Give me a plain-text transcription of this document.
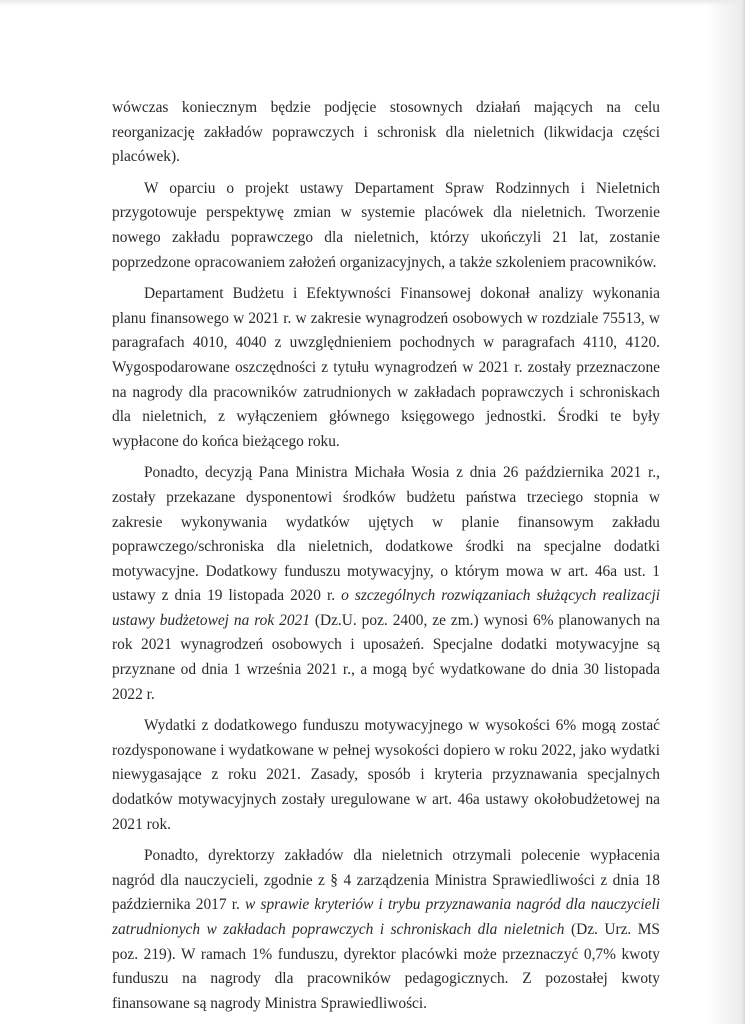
wówczas koniecznym będzie podjęcie stosownych działań mających na celu reorganizację zakładów poprawczych i schronisk dla nieletnich (likwidacja części placówek).

W oparciu o projekt ustawy Departament Spraw Rodzinnych i Nieletnich przygotowuje perspektywę zmian w systemie placówek dla nieletnich. Tworzenie nowego zakładu poprawczego dla nieletnich, którzy ukończyli 21 lat, zostanie poprzedzone opracowaniem założeń organizacyjnych, a także szkoleniem pracowników.

Departament Budżetu i Efektywności Finansowej dokonał analizy wykonania planu finansowego w 2021 r. w zakresie wynagrodzeń osobowych w rozdziale 75513, w paragrafach 4010, 4040 z uwzględnieniem pochodnych w paragrafach 4110, 4120. Wygospodarowane oszczędności z tytułu wynagrodzeń w 2021 r. zostały przeznaczone na nagrody dla pracowników zatrudnionych w zakładach poprawczych i schroniskach dla nieletnich, z wyłączeniem głównego księgowego jednostki. Środki te były wypłacone do końca bieżącego roku.

Ponadto, decyzją Pana Ministra Michała Wosia z dnia 26 października 2021 r., zostały przekazane dysponentowi środków budżetu państwa trzeciego stopnia w zakresie wykonywania wydatków ujętych w planie finansowym zakładu poprawczego/schroniska dla nieletnich, dodatkowe środki na specjalne dodatki motywacyjne. Dodatkowy funduszu motywacyjny, o którym mowa w art. 46a ust. 1 ustawy z dnia 19 listopada 2020 r. o szczególnych rozwiązaniach służących realizacji ustawy budżetowej na rok 2021 (Dz.U. poz. 2400, ze zm.) wynosi 6% planowanych na rok 2021 wynagrodzeń osobowych i uposażeń. Specjalne dodatki motywacyjne są przyznane od dnia 1 września 2021 r., a mogą być wydatkowane do dnia 30 listopada 2022 r.

Wydatki z dodatkowego funduszu motywacyjnego w wysokości 6% mogą zostać rozdysponowane i wydatkowane w pełnej wysokości dopiero w roku 2022, jako wydatki niewygasające z roku 2021. Zasady, sposób i kryteria przyznawania specjalnych dodatków motywacyjnych zostały uregulowane w art. 46a ustawy okołobudżetowej na 2021 rok.

Ponadto, dyrektorzy zakładów dla nieletnich otrzymali polecenie wypłacenia nagród dla nauczycieli, zgodnie z § 4 zarządzenia Ministra Sprawiedliwości z dnia 18 października 2017 r. w sprawie kryteriów i trybu przyznawania nagród dla nauczycieli zatrudnionych w zakładach poprawczych i schroniskach dla nieletnich (Dz. Urz. MS poz. 219). W ramach 1% funduszu, dyrektor placówki może przeznaczyć 0,7% kwoty funduszu na nagrody dla pracowników pedagogicznych. Z pozostałej kwoty finansowane są nagrody Ministra Sprawiedliwości.
